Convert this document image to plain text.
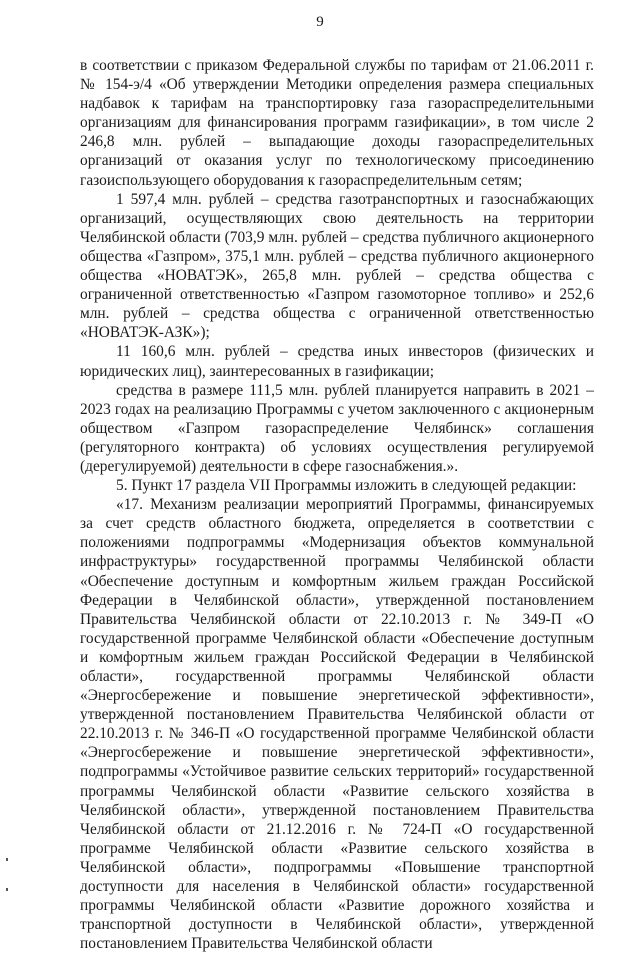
9

в соответствии с приказом Федеральной службы по тарифам от 21.06.2011 г. № 154-э/4 «Об утверждении Методики определения размера специальных надбавок к тарифам на транспортировку газа газораспределительными организациям для финансирования программ газификации», в том числе 2 246,8 млн. рублей – выпадающие доходы газораспределительных организаций от оказания услуг по технологическому присоединению газоиспользующего оборудования к газораспределительным сетям;

1 597,4 млн. рублей – средства газотранспортных и газоснабжающих организаций, осуществляющих свою деятельность на территории Челябинской области (703,9 млн. рублей – средства публичного акционерного общества «Газпром», 375,1 млн. рублей – средства публичного акционерного общества «НОВАТЭК», 265,8 млн. рублей – средства общества с ограниченной ответственностью «Газпром газомоторное топливо» и 252,6 млн. рублей – средства общества с ограниченной ответственностью «НОВАТЭК-АЗК»);

11 160,6 млн. рублей – средства иных инвесторов (физических и юридических лиц), заинтересованных в газификации;

средства в размере 111,5 млн. рублей планируется направить в 2021 – 2023 годах на реализацию Программы с учетом заключенного с акционерным обществом «Газпром газораспределение Челябинск» соглашения (регуляторного контракта) об условиях осуществления регулируемой (дерегулируемой) деятельности в сфере газоснабжения.».

5. Пункт 17 раздела VII Программы изложить в следующей редакции:

«17. Механизм реализации мероприятий Программы, финансируемых за счет средств областного бюджета, определяется в соответствии с положениями подпрограммы «Модернизация объектов коммунальной инфраструктуры» государственной программы Челябинской области «Обеспечение доступным и комфортным жильем граждан Российской Федерации в Челябинской области», утвержденной постановлением Правительства Челябинской области от 22.10.2013 г. № 349-П «О государственной программе Челябинской области «Обеспечение доступным и комфортным жильем граждан Российской Федерации в Челябинской области», государственной программы Челябинской области «Энергосбережение и повышение энергетической эффективности», утвержденной постановлением Правительства Челябинской области от 22.10.2013 г. № 346-П «О государственной программе Челябинской области «Энергосбережение и повышение энергетической эффективности», подпрограммы «Устойчивое развитие сельских территорий» государственной программы Челябинской области «Развитие сельского хозяйства в Челябинской области», утвержденной постановлением Правительства Челябинской области от 21.12.2016 г. № 724-П «О государственной программе Челябинской области «Развитие сельского хозяйства в Челябинской области», подпрограммы «Повышение транспортной доступности для населения в Челябинской области» государственной программы Челябинской области «Развитие дорожного хозяйства и транспортной доступности в Челябинской области», утвержденной постановлением Правительства Челябинской области
